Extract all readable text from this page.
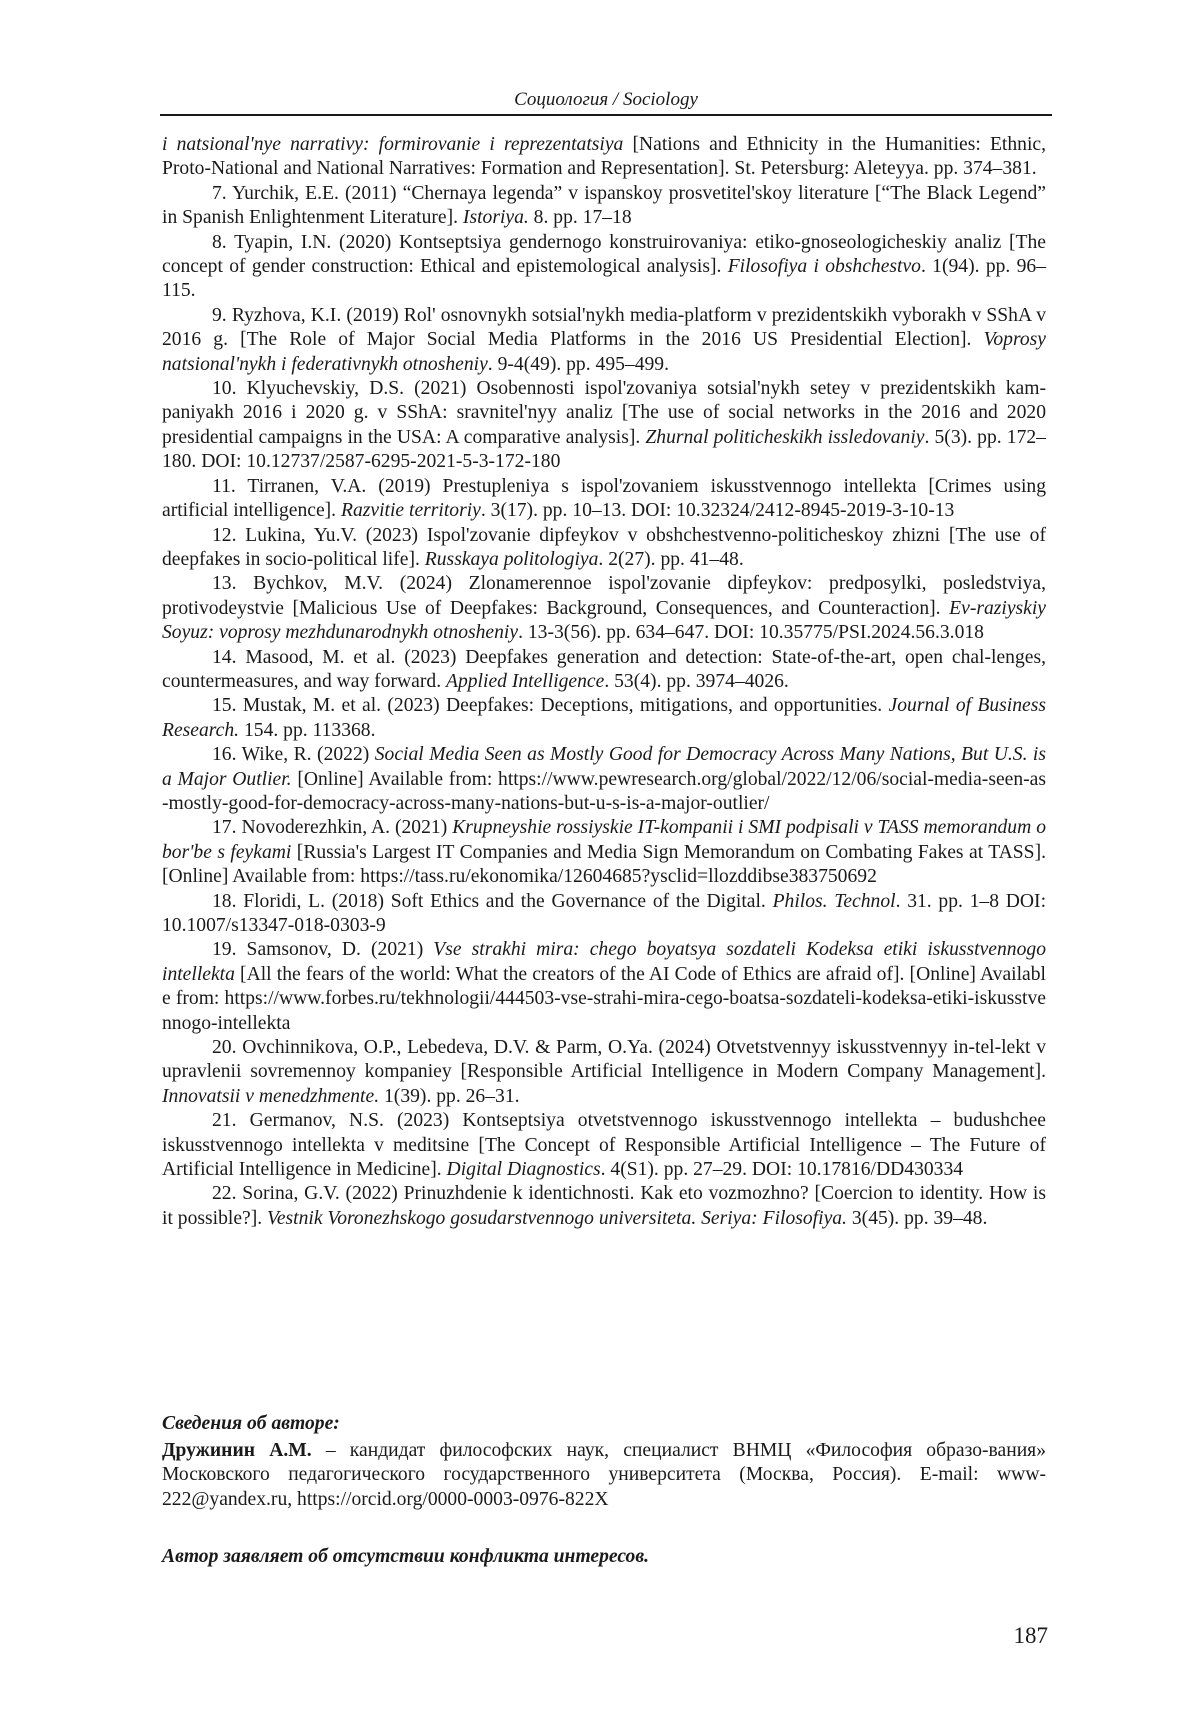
Социология / Sociology

i natsional'nye narrativy: formirovanie i reprezentatsiya [Nations and Ethnicity in the Humanities: Ethnic, Proto-National and National Narratives: Formation and Representation]. St. Petersburg: Aleteyya. pp. 374–381.

7. Yurchik, E.E. (2011) “Chernaya legenda” v ispanskoy prosvetitel'skoy literature [“The Black Legend” in Spanish Enlightenment Literature]. Istoriya. 8. pp. 17–18

8. Tyapin, I.N. (2020) Kontseptsiya gendernogo konstruirovaniya: etiko-gnoseologicheskiy analiz [The concept of gender construction: Ethical and epistemological analysis]. Filosofiya i obshchestvo. 1(94). pp. 96–115.

9. Ryzhova, K.I. (2019) Rol' osnovnykh sotsial'nykh media-platform v prezidentskikh vyborakh v SShA v 2016 g. [The Role of Major Social Media Platforms in the 2016 US Presidential Election]. Voprosy natsional'nykh i federativnykh otnosheniy. 9-4(49). pp. 495–499.

10. Klyuchevskiy, D.S. (2021) Osobennosti ispol'zovaniya sotsial'nykh setey v prezidentskikh kam-paniyakh 2016 i 2020 g. v SShA: sravnitel'nyy analiz [The use of social networks in the 2016 and 2020 presidential campaigns in the USA: A comparative analysis]. Zhurnal politicheskikh issledovaniy. 5(3). pp. 172–180. DOI: 10.12737/2587-6295-2021-5-3-172-180

11. Tirranen, V.A. (2019) Prestupleniya s ispol'zovaniem iskusstvennogo intellekta [Crimes using artificial intelligence]. Razvitie territoriy. 3(17). pp. 10–13. DOI: 10.32324/2412-8945-2019-3-10-13

12. Lukina, Yu.V. (2023) Ispol'zovanie dipfeykov v obshchestvenno-politicheskoy zhizni [The use of deepfakes in socio-political life]. Russkaya politologiya. 2(27). pp. 41–48.

13. Bychkov, M.V. (2024) Zlonamerennoe ispol'zovanie dipfeykov: predposylki, posledstviya, protivodeystvie [Malicious Use of Deepfakes: Background, Consequences, and Counteraction]. Ev-raziyskiy Soyuz: voprosy mezhdunarodnykh otnosheniy. 13-3(56). pp. 634–647. DOI: 10.35775/PSI.2024.56.3.018

14. Masood, M. et al. (2023) Deepfakes generation and detection: State-of-the-art, open chal-lenges, countermeasures, and way forward. Applied Intelligence. 53(4). pp. 3974–4026.

15. Mustak, M. et al. (2023) Deepfakes: Deceptions, mitigations, and opportunities. Journal of Business Research. 154. pp. 113368.

16. Wike, R. (2022) Social Media Seen as Mostly Good for Democracy Across Many Nations, But U.S. is a Major Outlier. [Online] Available from: https://www.pewresearch.org/global/2022/12/06/social-media-seen-as-mostly-good-for-democracy-across-many-nations-but-u-s-is-a-major-outlier/

17. Novoderezhkin, A. (2021) Krupneyshie rossiyskie IT-kompanii i SMI podpisali v TASS memorandum o bor'be s feykami [Russia's Largest IT Companies and Media Sign Memorandum on Combating Fakes at TASS]. [Online] Available from: https://tass.ru/ekonomika/12604685?ysclid=llozddibse383750692

18. Floridi, L. (2018) Soft Ethics and the Governance of the Digital. Philos. Technol. 31. pp. 1–8 DOI: 10.1007/s13347-018-0303-9

19. Samsonov, D. (2021) Vse strakhi mira: chego boyatsya sozdateli Kodeksa etiki iskusstvennogo intellekta [All the fears of the world: What the creators of the AI Code of Ethics are afraid of]. [Online] Available from: https://www.forbes.ru/tekhnologii/444503-vse-strahi-mira-cego-boatsa-sozdateli-kodeksa-etiki-iskusstvennogo-intellekta

20. Ovchinnikova, O.P., Lebedeva, D.V. & Parm, O.Ya. (2024) Otvetstvennyy iskusstvennyy in-tel-lekt v upravlenii sovremennoy kompaniey [Responsible Artificial Intelligence in Modern Company Management]. Innovatsii v menedzhmente. 1(39). pp. 26–31.

21. Germanov, N.S. (2023) Kontseptsiya otvetstvennogo iskusstvennogo intellekta – budushchee iskusstvennogo intellekta v meditsine [The Concept of Responsible Artificial Intelligence – The Future of Artificial Intelligence in Medicine]. Digital Diagnostics. 4(S1). pp. 27–29. DOI: 10.17816/DD430334

22. Sorina, G.V. (2022) Prinuzhdenie k identichnosti. Kak eto vozmozhno? [Coercion to identity. How is it possible?]. Vestnik Voronezhskogo gosudarstvennogo universiteta. Seriya: Filosofiya. 3(45). pp. 39–48.

Сведения об авторе:

Дружинин А.М. – кандидат философских наук, специалист ВНМЦ «Философия образо-вания» Московского педагогического государственного университета (Москва, Россия). E-mail: www-222@yandex.ru, https://orcid.org/0000-0003-0976-822X

Автор заявляет об отсутствии конфликта интересов.

187
